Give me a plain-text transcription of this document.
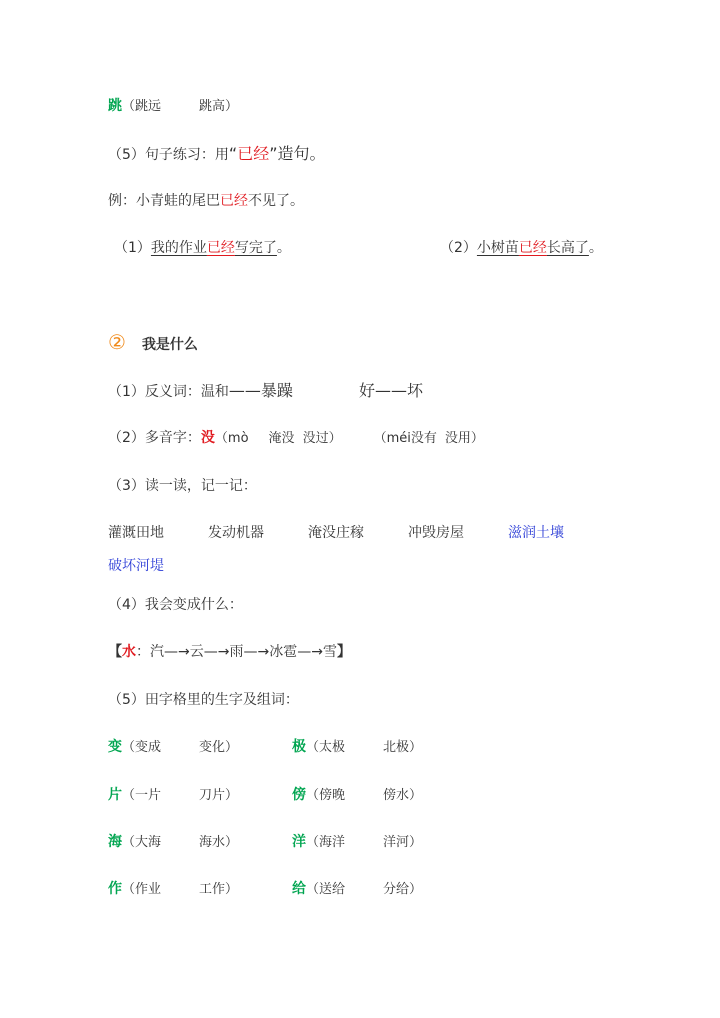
跳（跳远	跳高）
（5）句子练习：用“已经”造句。
例：小青蛙的尾巴已经不见了。
（1）我的作业已经写完了。	（2）小树苗已经长高了。
② 我是什么
（1）反义词：温和——暴躁	好——坏
（2）多音字：没（mò 淹没 没过） （méi没有 没用）
（3）读一读，记一记：
灌溉田地	发动机器	淹没庄稼	冲毁房屋	滋润土壤
破坏河堤
（4）我会变成什么：
【水：汽—→云—→雨—→冰雹—→雪】
（5）田字格里的生字及组词：
变（变成	变化）	极（太极	北极）
片（一片	刀片）	傍（傍晚	傍水）
海（大海	海水）	洋（海洋	洋河）
作（作业	工作）	给（送给	分给）
